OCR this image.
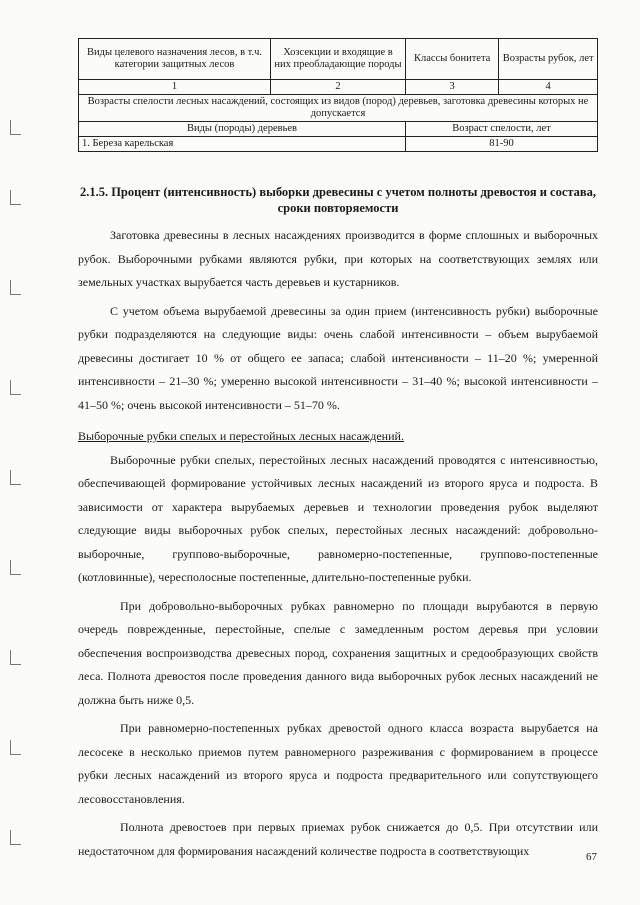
Виды целевого назначения лесов, в т.ч. категории защитных лесов	Хозсекции и входящие в них преобладающие породы	Классы бонитета	Возрасты рубок, лет
1	2	3	4
Возрасты спелости лесных насаждений, состоящих из видов (пород) деревьев, заготовка древесины которых не допускается			
Виды (породы) деревьев		Возраст спелости, лет	
1. Береза карельская		81-90	
2.1.5. Процент (интенсивность) выборки древесины с учетом полноты древостоя и состава, сроки повторяемости

Заготовка древесины в лесных насаждениях производится в форме сплошных и выборочных рубок. Выборочными рубками являются рубки, при которых на соответствующих землях или земельных участках вырубается часть деревьев и кустарников.

С учетом объема вырубаемой древесины за один прием (интенсивность рубки) выборочные рубки подразделяются на следующие виды: очень слабой интенсивности – объем вырубаемой древесины достигает 10 % от общего ее запаса; слабой интенсивности – 11–20 %; умеренной интенсивности – 21–30 %; умеренно высокой интенсивности – 31–40 %; высокой интенсивности – 41–50 %; очень высокой интенсивности – 51–70 %.

Выборочные рубки спелых и перестойных лесных насаждений.

Выборочные рубки спелых, перестойных лесных насаждений проводятся с интенсивностью, обеспечивающей формирование устойчивых лесных насаждений из второго яруса и подроста. В зависимости от характера вырубаемых деревьев и технологии проведения рубок выделяют следующие виды выборочных рубок спелых, перестойных лесных насаждений: добровольно-выборочные, группово-выборочные, равномерно-постепенные, группово-постепенные (котловинные), чересполосные постепенные, длительно-постепенные рубки.

При добровольно-выборочных рубках равномерно по площади вырубаются в первую очередь поврежденные, перестойные, спелые с замедленным ростом деревья при условии обеспечения воспроизводства древесных пород, сохранения защитных и средообразующих свойств леса. Полнота древостоя после проведения данного вида выборочных рубок лесных насаждений не должна быть ниже 0,5.

При равномерно-постепенных рубках древостой одного класса возраста вырубается на лесосеке в несколько приемов путем равномерного разреживания с формированием в процессе рубки лесных насаждений из второго яруса и подроста предварительного или сопутствующего лесовосстановления.

Полнота древостоев при первых приемах рубок снижается до 0,5. При отсутствии или недостаточном для формирования насаждений количестве подроста в соответствующих	67
